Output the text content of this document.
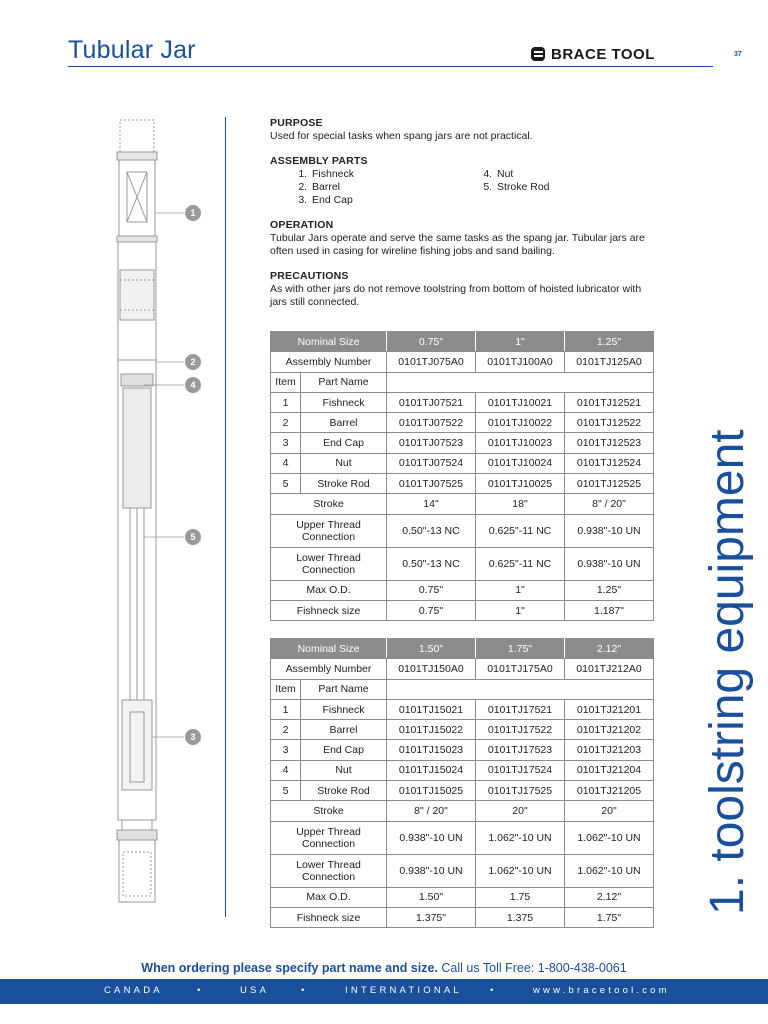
Tubular Jar	BRACE TOOL	37
1
2
4
5
3
PURPOSE

Used for special tasks when spang jars are not practical.

ASSEMBLY PARTS
1. Fishneck
2. Barrel
3. End Cap
4. Nut
5. Stroke Rod
OPERATION

Tubular Jars operate and serve the same tasks as the spang jar. Tubular jars are often used in casing for wireline fishing jobs and sand bailing.

PRECAUTIONS

As with other jars do not remove toolstring from bottom of hoisted lubricator with jars still connected.

Nominal Size		0.75"	1"	1.25"
Assembly Number		0101TJ075A0	0101TJ100A0	0101TJ125A0
Item	Part Name			
1	Fishneck	0101TJ07521	0101TJ10021	0101TJ12521
2	Barrel	0101TJ07522	0101TJ10022	0101TJ12522
3	End Cap	0101TJ07523	0101TJ10023	0101TJ12523
4	Nut	0101TJ07524	0101TJ10024	0101TJ12524
5	Stroke Rod	0101TJ07525	0101TJ10025	0101TJ12525
Stroke		14"	18"	8" / 20"
Upper Thread
Connection		0.50"-13 NC	0.625"-11 NC	0.938"-10 UN
Lower Thread
Connection		0.50"-13 NC	0.625"-11 NC	0.938"-10 UN
Max O.D.		0.75"	1"	1.25"
Fishneck size		0.75"	1"	1.187"
Nominal Size		1.50"	1.75"	2.12"
Assembly Number		0101TJ150A0	0101TJ175A0	0101TJ212A0
Item	Part Name			
1	Fishneck	0101TJ15021	0101TJ17521	0101TJ21201
2	Barrel	0101TJ15022	0101TJ17522	0101TJ21202
3	End Cap	0101TJ15023	0101TJ17523	0101TJ21203
4	Nut	0101TJ15024	0101TJ17524	0101TJ21204
5	Stroke Rod	0101TJ15025	0101TJ17525	0101TJ21205
Stroke		8" / 20"	20"	20"
Upper Thread
Connection		0.938"-10 UN	1.062"-10 UN	1.062"-10 UN
Lower Thread
Connection		0.938"-10 UN	1.062"-10 UN	1.062"-10 UN
Max O.D.		1.50"	1.75	2.12"
Fishneck size		1.375"	1.375	1.75"
1. toolstring equipment
When ordering please specify part name and size. Call us Toll Free: 1-800-438-0061
CANADA	•	USA	•	INTERNATIONAL	•	www.bracetool.com
